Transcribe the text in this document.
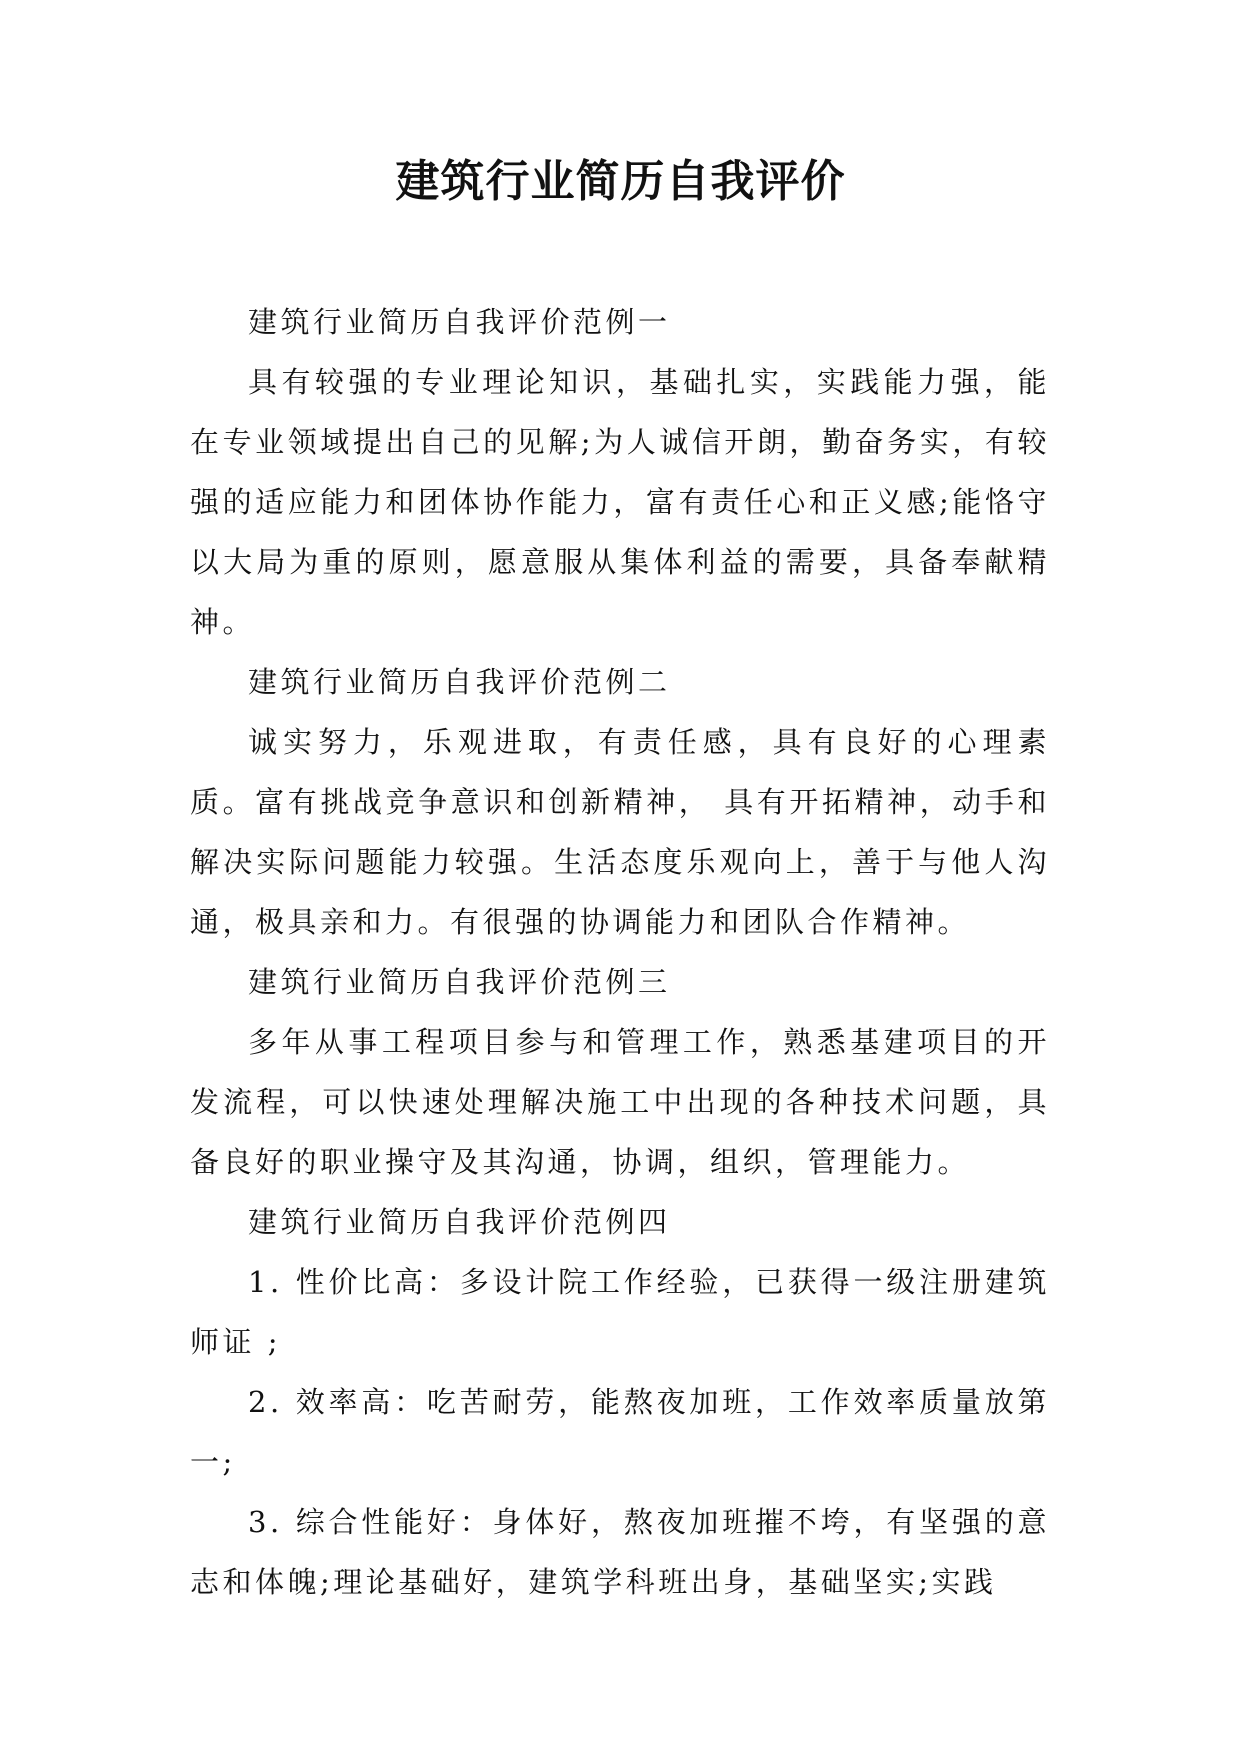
建筑行业简历自我评价

建筑行业简历自我评价范例一

具有较强的专业理论知识，基础扎实，实践能力强，能在专业领域提出自己的见解;为人诚信开朗，勤奋务实，有较强的适应能力和团体协作能力，富有责任心和正义感;能恪守以大局为重的原则，愿意服从集体利益的需要，具备奉献精神。

建筑行业简历自我评价范例二

诚实努力，乐观进取，有责任感，具有良好的心理素质。富有挑战竞争意识和创新精神， 具有开拓精神，动手和解决实际问题能力较强。生活态度乐观向上，善于与他人沟通，极具亲和力。有很强的协调能力和团队合作精神。

建筑行业简历自我评价范例三

多年从事工程项目参与和管理工作，熟悉基建项目的开发流程，可以快速处理解决施工中出现的各种技术问题，具备良好的职业操守及其沟通，协调，组织，管理能力。

建筑行业简历自我评价范例四

1. 性价比高：多设计院工作经验，已获得一级注册建筑师证 ;

2. 效率高：吃苦耐劳，能熬夜加班，工作效率质量放第一;

3. 综合性能好：身体好，熬夜加班摧不垮，有坚强的意志和体魄;理论基础好，建筑学科班出身，基础坚实;实践
